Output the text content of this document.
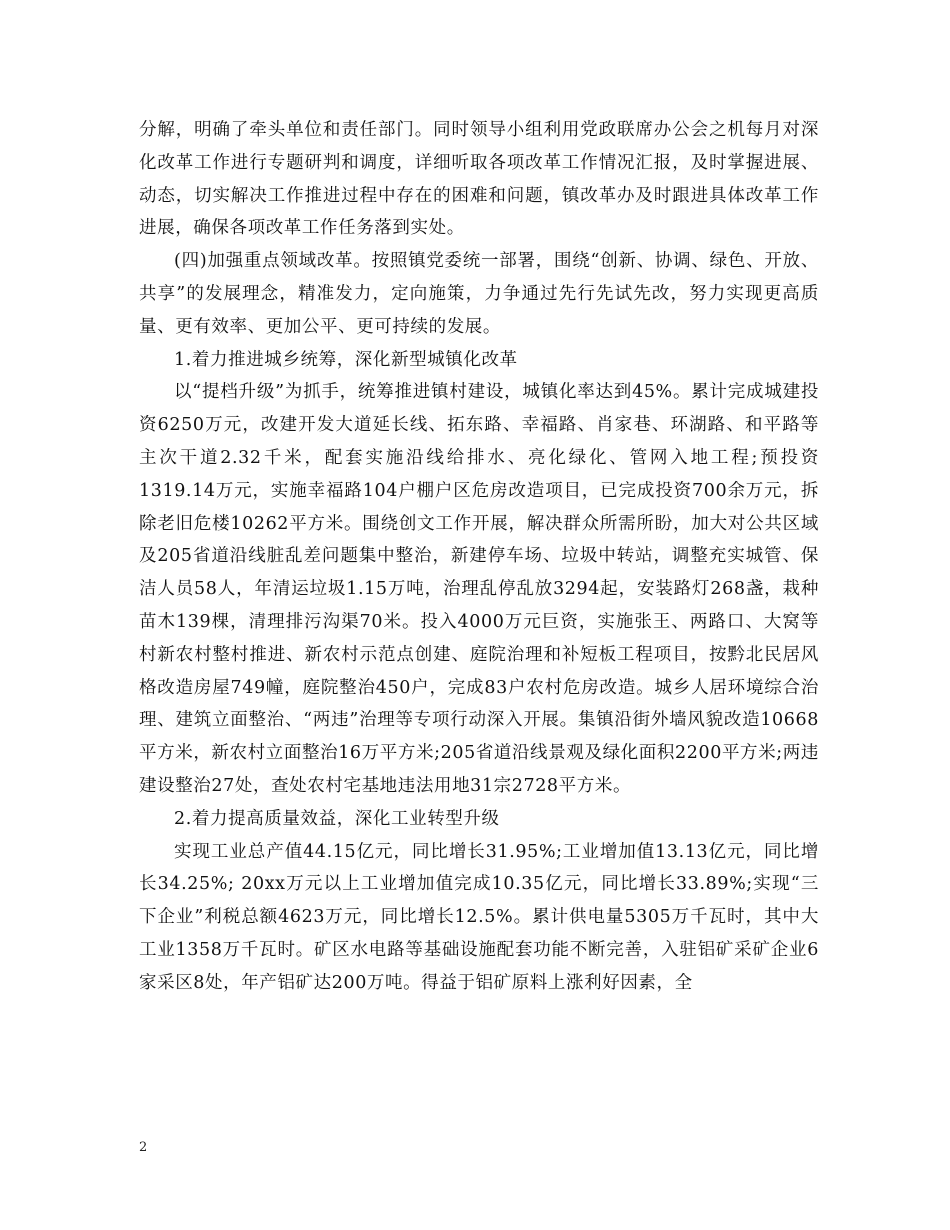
分解，明确了牵头单位和责任部门。同时领导小组利用党政联席办公会之机每月对深化改革工作进行专题研判和调度，详细听取各项改革工作情况汇报，及时掌握进展、动态，切实解决工作推进过程中存在的困难和问题，镇改革办及时跟进具体改革工作进展，确保各项改革工作任务落到实处。

(四)加强重点领域改革。按照镇党委统一部署，围绕“创新、协调、绿色、开放、共享”的发展理念，精准发力，定向施策，力争通过先行先试先改，努力实现更高质量、更有效率、更加公平、更可持续的发展。

1.着力推进城乡统筹，深化新型城镇化改革

以“提档升级”为抓手，统筹推进镇村建设，城镇化率达到45%。累计完成城建投资6250万元，改建开发大道延长线、拓东路、幸福路、肖家巷、环湖路、和平路等主次干道2.32千米，配套实施沿线给排水、亮化绿化、管网入地工程;预投资1319.14万元，实施幸福路104户棚户区危房改造项目，已完成投资700余万元，拆除老旧危楼10262平方米。围绕创文工作开展，解决群众所需所盼，加大对公共区域及205省道沿线脏乱差问题集中整治，新建停车场、垃圾中转站，调整充实城管、保洁人员58人，年清运垃圾1.15万吨，治理乱停乱放3294起，安装路灯268盏，栽种苗木139棵，清理排污沟渠70米。投入4000万元巨资，实施张王、两路口、大窝等村新农村整村推进、新农村示范点创建、庭院治理和补短板工程项目，按黔北民居风格改造房屋749幢，庭院整治450户，完成83户农村危房改造。城乡人居环境综合治理、建筑立面整治、“两违”治理等专项行动深入开展。集镇沿街外墙风貌改造10668平方米，新农村立面整治16万平方米;205省道沿线景观及绿化面积2200平方米;两违建设整治27处，查处农村宅基地违法用地31宗2728平方米。

2.着力提高质量效益，深化工业转型升级

实现工业总产值44.15亿元，同比增长31.95%;工业增加值13.13亿元，同比增长34.25%; 20xx万元以上工业增加值完成10.35亿元，同比增长33.89%;实现“三下企业”利税总额4623万元，同比增长12.5%。累计供电量5305万千瓦时，其中大工业1358万千瓦时。矿区水电路等基础设施配套功能不断完善，入驻铝矿采矿企业6家采区8处，年产铝矿达200万吨。得益于铝矿原料上涨利好因素，全

2
